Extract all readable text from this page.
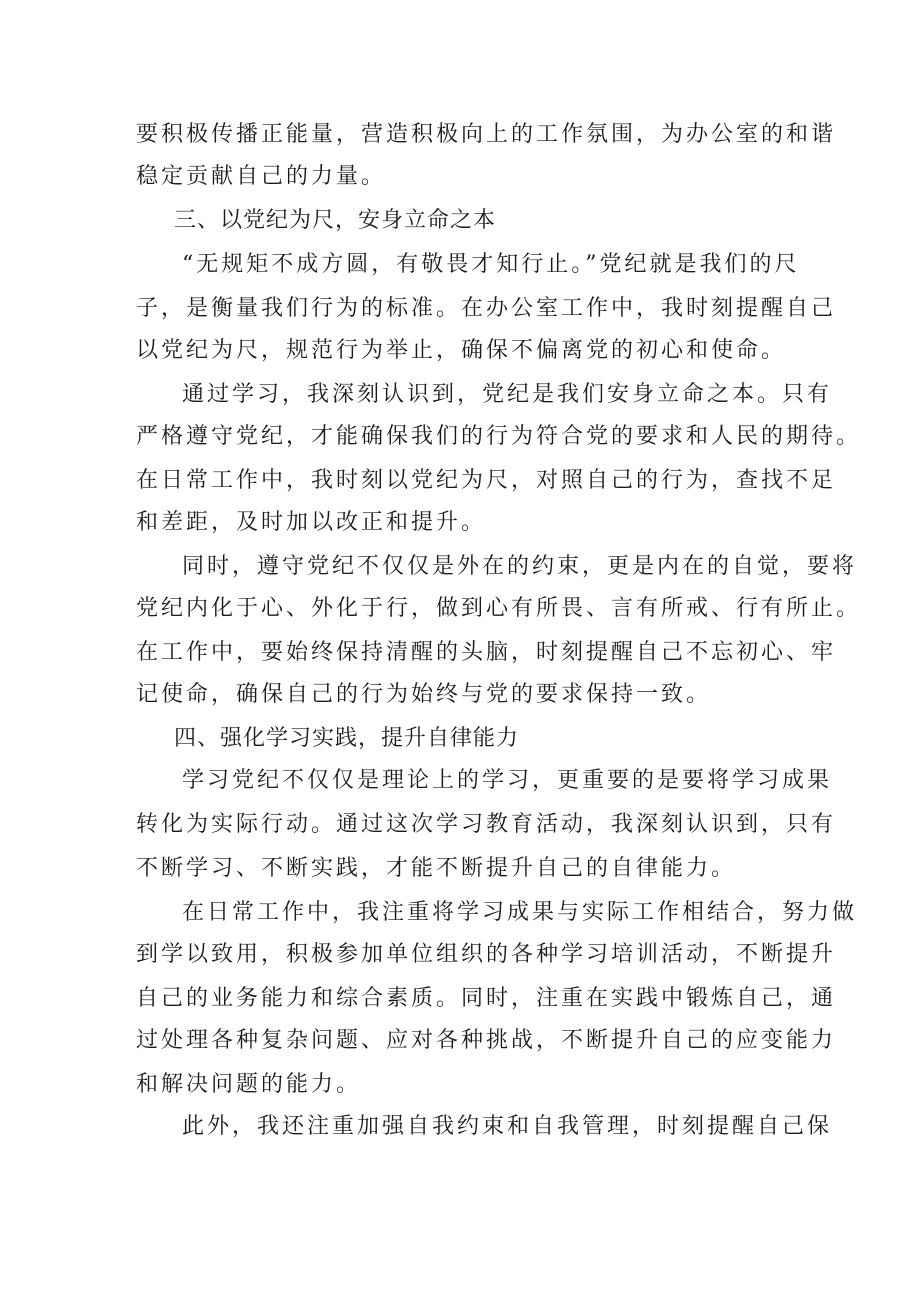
要积极传播正能量，营造积极向上的工作氛围，为办公室的和谐
稳定贡献自己的力量。
三、以党纪为尺，安身立命之本
“无规矩不成方圆，有敬畏才知行止。”党纪就是我们的尺
子，是衡量我们行为的标准。在办公室工作中，我时刻提醒自己
以党纪为尺，规范行为举止，确保不偏离党的初心和使命。
通过学习，我深刻认识到，党纪是我们安身立命之本。只有
严格遵守党纪，才能确保我们的行为符合党的要求和人民的期待。
在日常工作中，我时刻以党纪为尺，对照自己的行为，查找不足
和差距，及时加以改正和提升。
同时，遵守党纪不仅仅是外在的约束，更是内在的自觉，要将
党纪内化于心、外化于行，做到心有所畏、言有所戒、行有所止。
在工作中，要始终保持清醒的头脑，时刻提醒自己不忘初心、牢
记使命，确保自己的行为始终与党的要求保持一致。
四、强化学习实践，提升自律能力
学习党纪不仅仅是理论上的学习，更重要的是要将学习成果
转化为实际行动。通过这次学习教育活动，我深刻认识到，只有
不断学习、不断实践，才能不断提升自己的自律能力。
在日常工作中，我注重将学习成果与实际工作相结合，努力做
到学以致用，积极参加单位组织的各种学习培训活动，不断提升
自己的业务能力和综合素质。同时，注重在实践中锻炼自己，通
过处理各种复杂问题、应对各种挑战，不断提升自己的应变能力
和解决问题的能力。
此外，我还注重加强自我约束和自我管理，时刻提醒自己保
